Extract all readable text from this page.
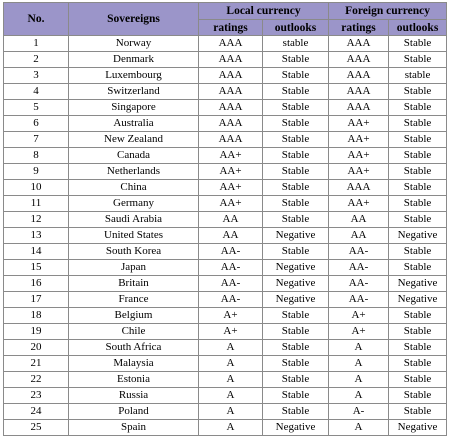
No.	Sovereigns	Local currency		Foreign currency	
		ratings	outlooks	ratings	outlooks
1	Norway	AAA	stable	AAA	Stable
2	Denmark	AAA	Stable	AAA	Stable
3	Luxembourg	AAA	Stable	AAA	stable
4	Switzerland	AAA	Stable	AAA	Stable
5	Singapore	AAA	Stable	AAA	Stable
6	Australia	AAA	Stable	AA+	Stable
7	New Zealand	AAA	Stable	AA+	Stable
8	Canada	AA+	Stable	AA+	Stable
9	Netherlands	AA+	Stable	AA+	Stable
10	China	AA+	Stable	AAA	Stable
11	Germany	AA+	Stable	AA+	Stable
12	Saudi Arabia	AA	Stable	AA	Stable
13	United States	AA	Negative	AA	Negative
14	South Korea	AA-	Stable	AA-	Stable
15	Japan	AA-	Negative	AA-	Stable
16	Britain	AA-	Negative	AA-	Negative
17	France	AA-	Negative	AA-	Negative
18	Belgium	A+	Stable	A+	Stable
19	Chile	A+	Stable	A+	Stable
20	South Africa	A	Stable	A	Stable
21	Malaysia	A	Stable	A	Stable
22	Estonia	A	Stable	A	Stable
23	Russia	A	Stable	A	Stable
24	Poland	A	Stable	A-	Stable
25	Spain	A	Negative	A	Negative
